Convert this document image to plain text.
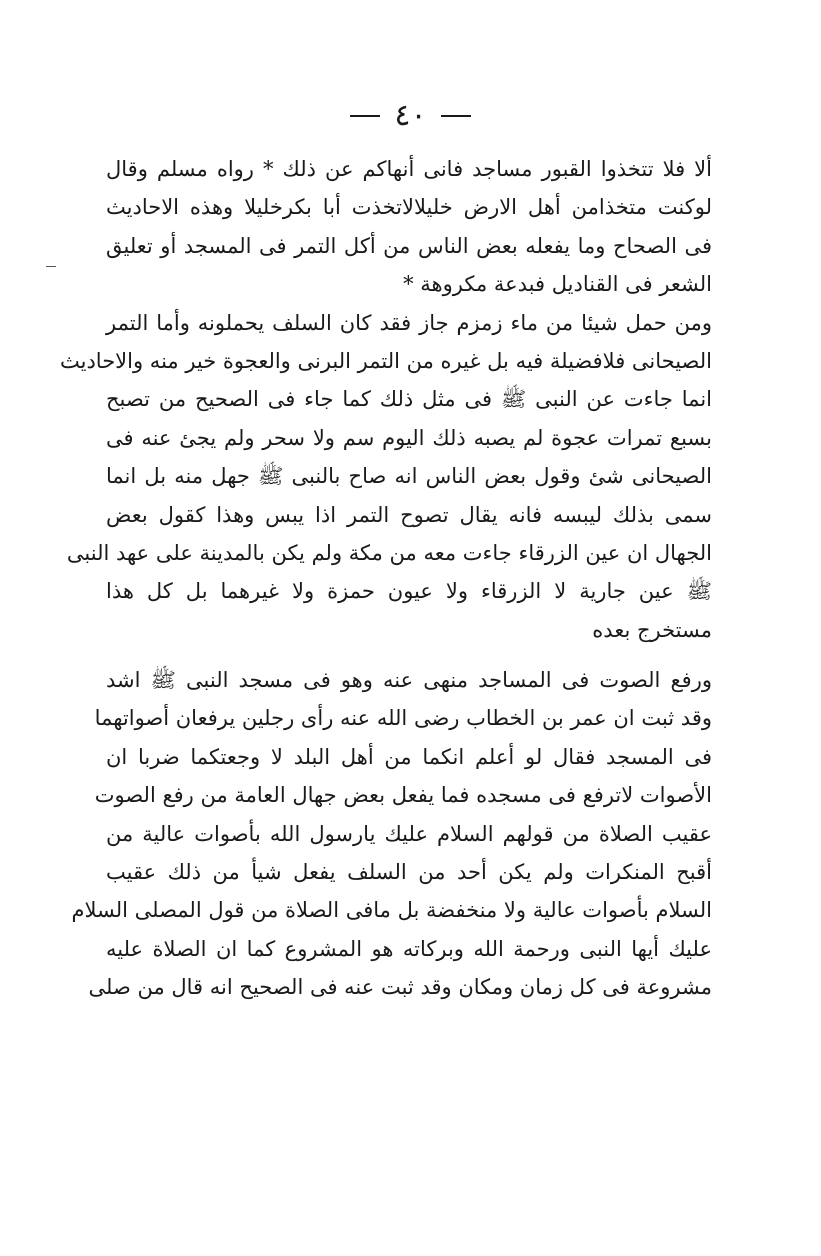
٤٠
ألا فلا تتخذوا القبور مساجد فانى أنهاكم عن ذلك * رواه مسلم وقال
لوكنت متخذامن أهل الارض خليلالاتخذت أبا بكرخليلا وهذه الاحاديث
فى الصحاح وما يفعله بعض الناس من أكل التمر فى المسجد أو تعليق
الشعر فى القناديل فبدعة مكروهة *
ومن حمل شيئا من ماء زمزم جاز فقد كان السلف يحملونه وأما التمر
الصيحانى فلافضيلة فيه بل غيره من التمر البرنى والعجوة خير منه والاحاديث
انما جاءت عن النبى ﷺ فى مثل ذلك كما جاء فى الصحيح من تصبح
بسبع تمرات عجوة لم يصبه ذلك اليوم سم ولا سحر ولم يجئ عنه فى
الصيحانى شئ وقول بعض الناس انه صاح بالنبى ﷺ جهل منه بل انما
سمى بذلك ليبسه فانه يقال تصوح التمر اذا يبس وهذا كقول بعض
الجهال ان عين الزرقاء جاءت معه من مكة ولم يكن بالمدينة على عهد النبى
ﷺ عين جارية لا الزرقاء ولا عيون حمزة ولا غيرهما بل كل هذا
مستخرج بعده
ورفع الصوت فى المساجد منهى عنه وهو فى مسجد النبى ﷺ اشد
وقد ثبت ان عمر بن الخطاب رضى الله عنه رأى رجلين يرفعان أصواتهما
فى المسجد فقال لو أعلم انكما من أهل البلد لا وجعتكما ضربا ان
الأصوات لاترفع فى مسجده فما يفعل بعض جهال العامة من رفع الصوت
عقيب الصلاة من قولهم السلام عليك يارسول الله بأصوات عالية من
أقبح المنكرات ولم يكن أحد من السلف يفعل شيأ من ذلك عقيب
السلام بأصوات عالية ولا منخفضة بل مافى الصلاة من قول المصلى السلام
عليك أيها النبى ورحمة الله وبركاته هو المشروع كما ان الصلاة عليه
مشروعة فى كل زمان ومكان وقد ثبت عنه فى الصحيح انه قال من صلى
